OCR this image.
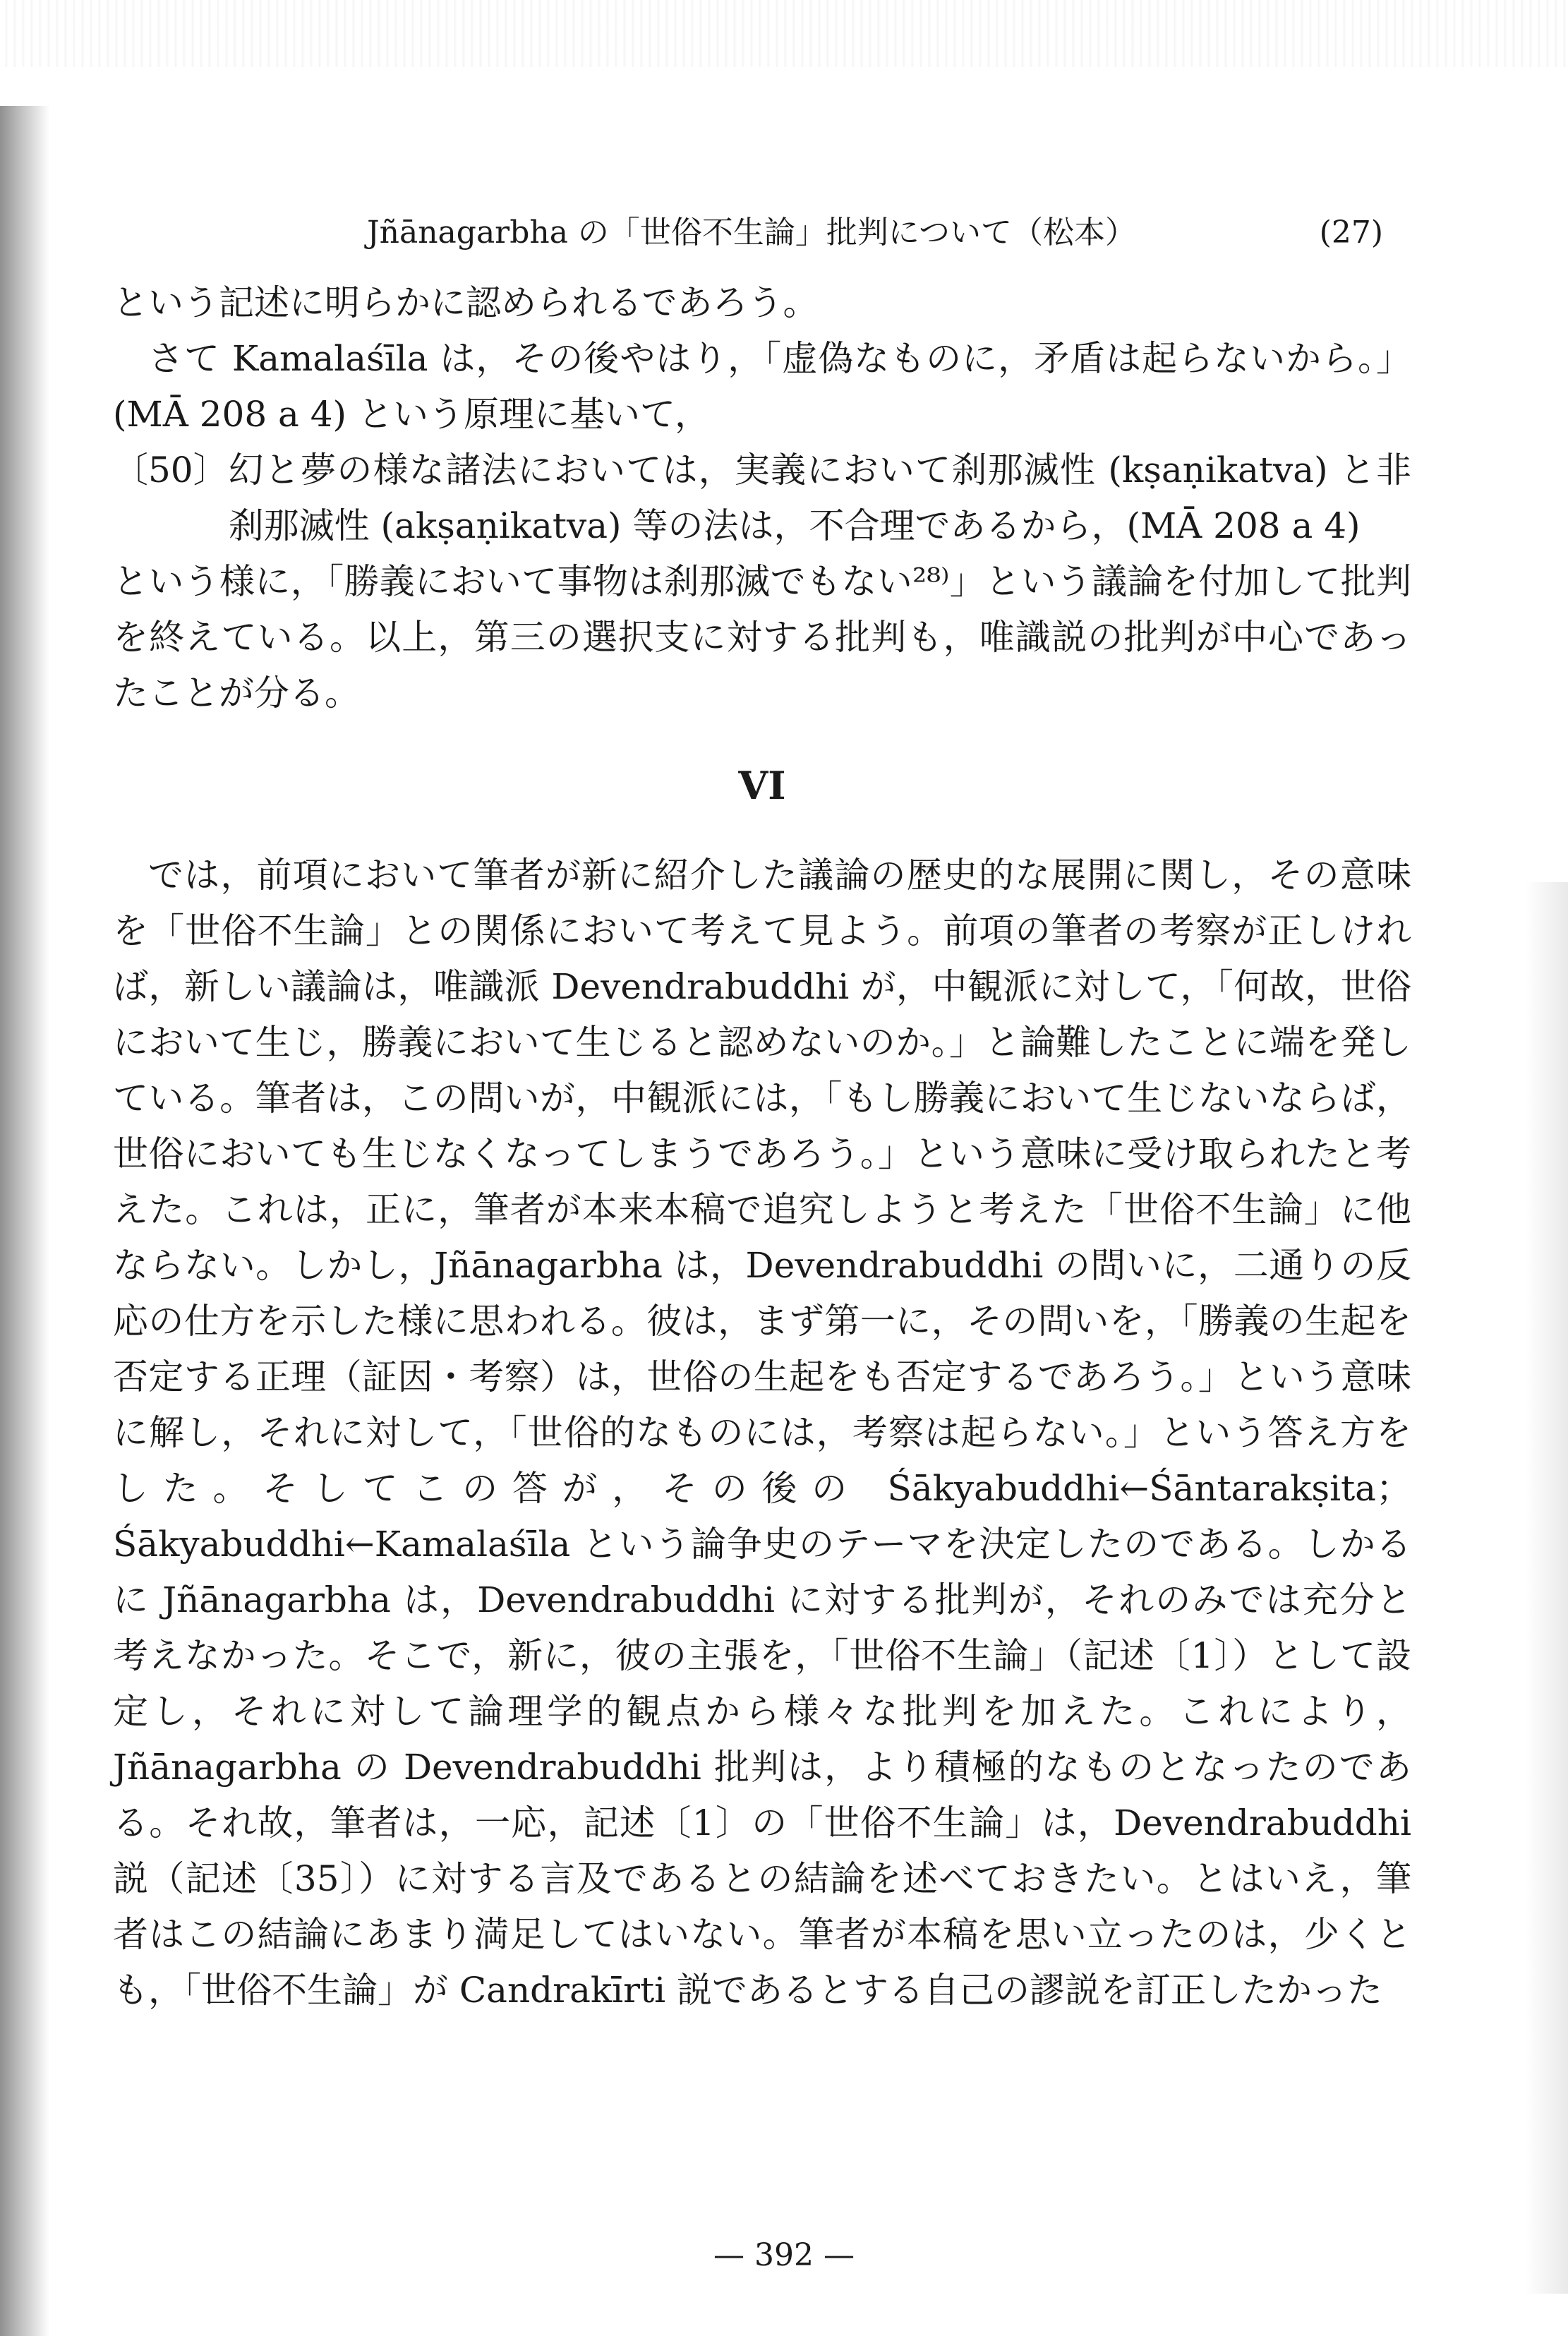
Jñānagarbha の「世俗不生論」批判について（松本）	(27)

という記述に明らかに認められるであろう。

さて Kamalaśīla は，その後やはり，「虚偽なものに，矛盾は起らないから。」(MĀ 208 a 4) という原理に基いて，

〔50〕 幻と夢の様な諸法においては，実義において刹那滅性 (kṣaṇikatva) と非刹那滅性 (akṣaṇikatva) 等の法は，不合理であるから，(MĀ 208 a 4)

という様に，「勝義において事物は刹那滅でもない²⁸⁾」という議論を付加して批判を終えている。以上，第三の選択支に対する批判も，唯識説の批判が中心であったことが分る。

VI

では，前項において筆者が新に紹介した議論の歴史的な展開に関し，その意味を「世俗不生論」との関係において考えて見よう。前項の筆者の考察が正しければ，新しい議論は，唯識派 Devendrabuddhi が，中観派に対して，「何故，世俗において生じ，勝義において生じると認めないのか。」と論難したことに端を発している。筆者は，この問いが，中観派には，「もし勝義において生じないならば，世俗においても生じなくなってしまうであろう。」という意味に受け取られたと考えた。これは，正に，筆者が本来本稿で追究しようと考えた「世俗不生論」に他ならない。しかし，Jñānagarbha は，Devendrabuddhi の問いに，二通りの反応の仕方を示した様に思われる。彼は，まず第一に，その問いを，「勝義の生起を否定する正理（証因・考察）は，世俗の生起をも否定するであろう。」という意味に解し，それに対して，「世俗的なものには，考察は起らない。」という答え方をした。そしてこの答が，その後の Śākyabuddhi←Śāntarakṣita；Śākyabuddhi←Kamalaśīla という論争史のテーマを決定したのである。しかるに Jñānagarbha は，Devendrabuddhi に対する批判が，それのみでは充分と考えなかった。そこで，新に，彼の主張を，「世俗不生論」（記述〔1〕）として設定し，それに対して論理学的観点から様々な批判を加えた。これにより，Jñānagarbha の Devendrabuddhi 批判は，より積極的なものとなったのである。それ故，筆者は，一応，記述〔1〕の「世俗不生論」は，Devendrabuddhi 説（記述〔35〕）に対する言及であるとの結論を述べておきたい。とはいえ，筆者はこの結論にあまり満足してはいない。筆者が本稿を思い立ったのは，少くとも，「世俗不生論」が Candrakīrti 説であるとする自己の謬説を訂正したかった

— 392 —
